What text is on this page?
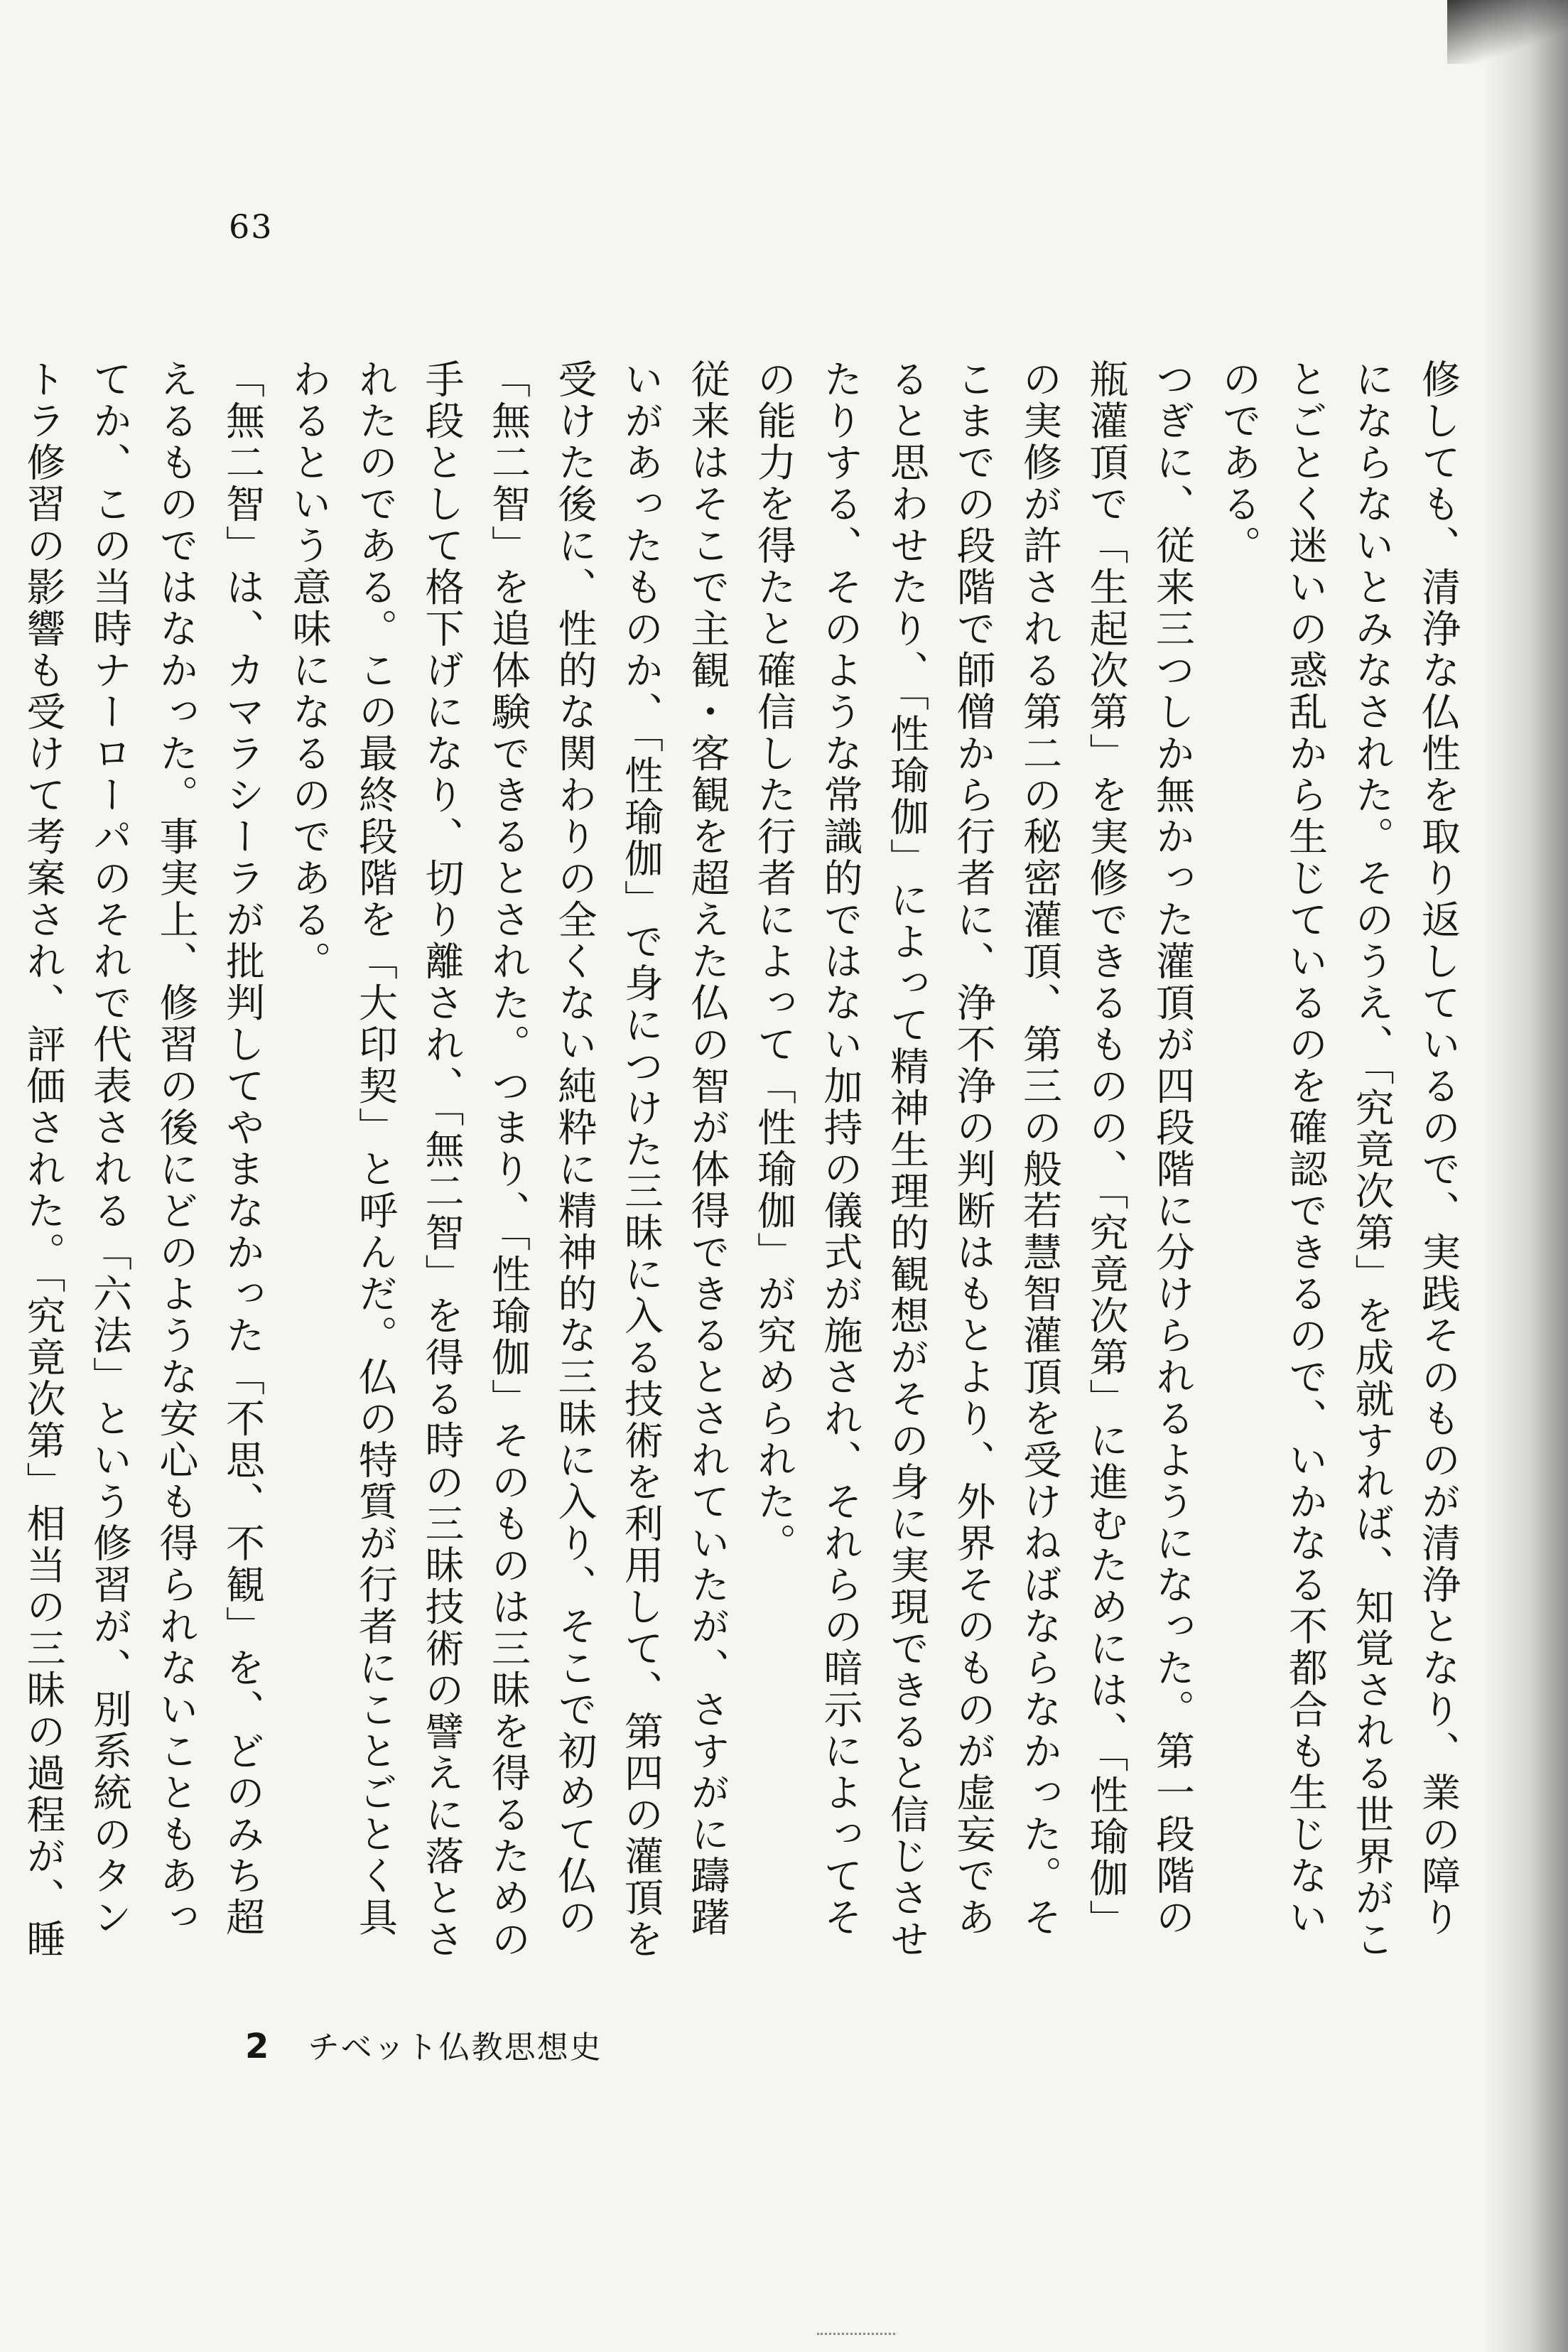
63

修しても、清浄な仏性を取り返しているので、実践そのものが清浄となり、業の障りにならないとみなされた。そのうえ、「究竟次第」を成就すれば、知覚される世界がことごとく迷いの惑乱から生じているのを確認できるので、いかなる不都合も生じないのである。

つぎに、従来三つしか無かった灌頂が四段階に分けられるようになった。第一段階の瓶灌頂で「生起次第」を実修できるものの、「究竟次第」に進むためには、「性瑜伽」の実修が許される第二の秘密灌頂、第三の般若慧智灌頂を受けねばならなかった。そこまでの段階で師僧から行者に、浄不浄の判断はもとより、外界そのものが虚妄であると思わせたり、「性瑜伽」によって精神生理的観想がその身に実現できると信じさせたりする、そのような常識的ではない加持の儀式が施され、それらの暗示によってその能力を得たと確信した行者によって「性瑜伽」が究められた。

従来はそこで主観・客観を超えた仏の智が体得できるとされていたが、さすがに躊躇いがあったものか、「性瑜伽」で身につけた三昧に入る技術を利用して、第四の灌頂を受けた後に、性的な関わりの全くない純粋に精神的な三昧に入り、そこで初めて仏の「無二智」を追体験できるとされた。つまり、「性瑜伽」そのものは三昧を得るための手段として格下げになり、切り離され、「無二智」を得る時の三昧技術の譬えに落とされたのである。この最終段階を「大印契」と呼んだ。仏の特質が行者にことごとく具わるという意味になるのである。

「無二智」は、カマラシーラが批判してやまなかった「不思、不観」を、どのみち超えるものではなかった。事実上、修習の後にどのような安心も得られないこともあってか、この当時ナーローパのそれで代表される「六法」という修習が、別系統のタントラ修習の影響も受けて考案され、評価された。「究竟次第」相当の三昧の過程が、睡

2 チベット仏教思想史
